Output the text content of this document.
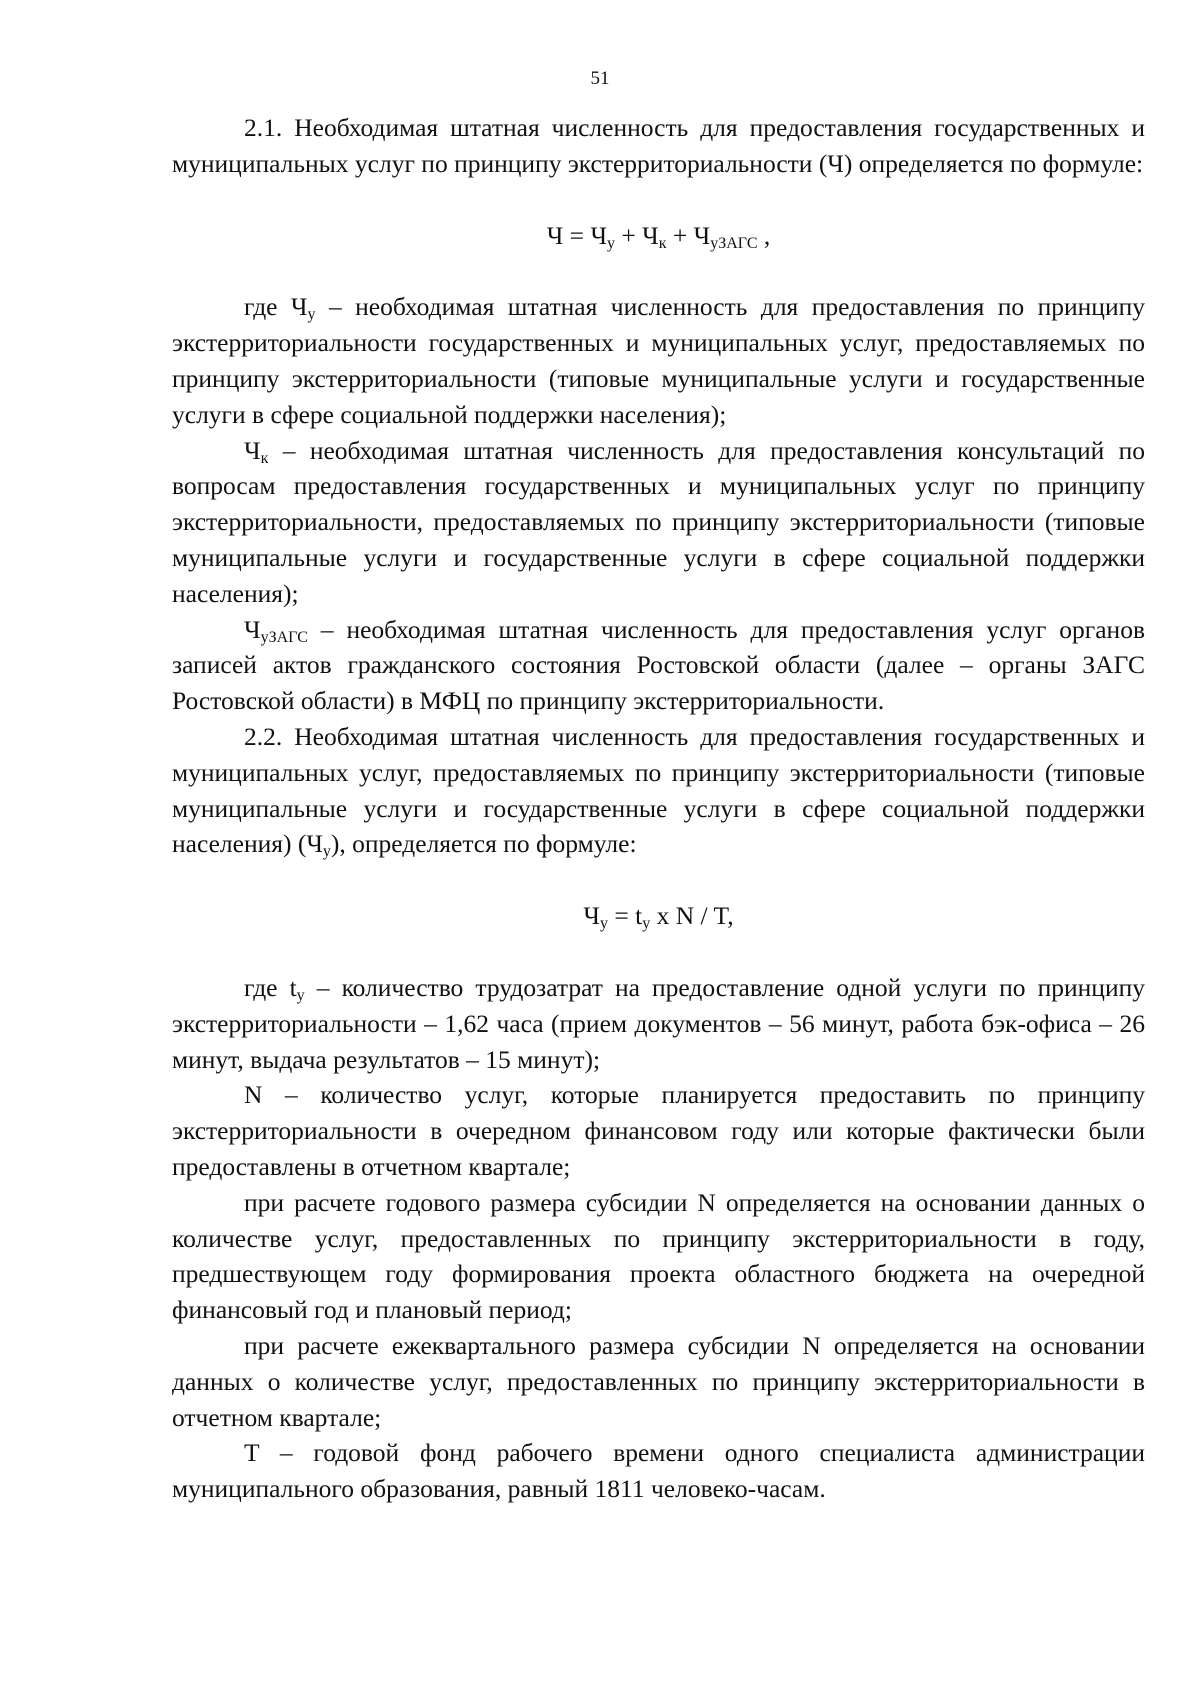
51

2.1. Необходимая штатная численность для предоставления государственных и муниципальных услуг по принципу экстерриториальности (Ч) определяется по формуле:

$Ч = Ч_у + Ч_к + Ч_{уЗАГС}$ ,

где $Ч_у$ – необходимая штатная численность для предоставления по принципу экстерриториальности государственных и муниципальных услуг, предоставляемых по принципу экстерриториальности (типовые муниципальные услуги и государственные услуги в сфере социальной поддержки населения);

$Ч_к$ – необходимая штатная численность для предоставления консультаций по вопросам предоставления государственных и муниципальных услуг по принципу экстерриториальности, предоставляемых по принципу экстерриториальности (типовые муниципальные услуги и государственные услуги в сфере социальной поддержки населения);

$Ч_{уЗАГС}$ – необходимая штатная численность для предоставления услуг органов записей актов гражданского состояния Ростовской области (далее – органы ЗАГС Ростовской области) в МФЦ по принципу экстерриториальности.

2.2. Необходимая штатная численность для предоставления государственных и муниципальных услуг, предоставляемых по принципу экстерриториальности (типовые муниципальные услуги и государственные услуги в сфере социальной поддержки населения) $(Ч_у)$, определяется по формуле:

$Ч_у = t_у$ х N / T,

где $t_у$ – количество трудозатрат на предоставление одной услуги по принципу экстерриториальности – 1,62 часа (прием документов – 56 минут, работа бэк-офиса – 26 минут, выдача результатов – 15 минут);

N – количество услуг, которые планируется предоставить по принципу экстерриториальности в очередном финансовом году или которые фактически были предоставлены в отчетном квартале;

при расчете годового размера субсидии N определяется на основании данных о количестве услуг, предоставленных по принципу экстерриториальности в году, предшествующем году формирования проекта областного бюджета на очередной финансовый год и плановый период;

при расчете ежеквартального размера субсидии N определяется на основании данных о количестве услуг, предоставленных по принципу экстерриториальности в отчетном квартале;

T – годовой фонд рабочего времени одного специалиста администрации муниципального образования, равный 1811 человеко-часам.
